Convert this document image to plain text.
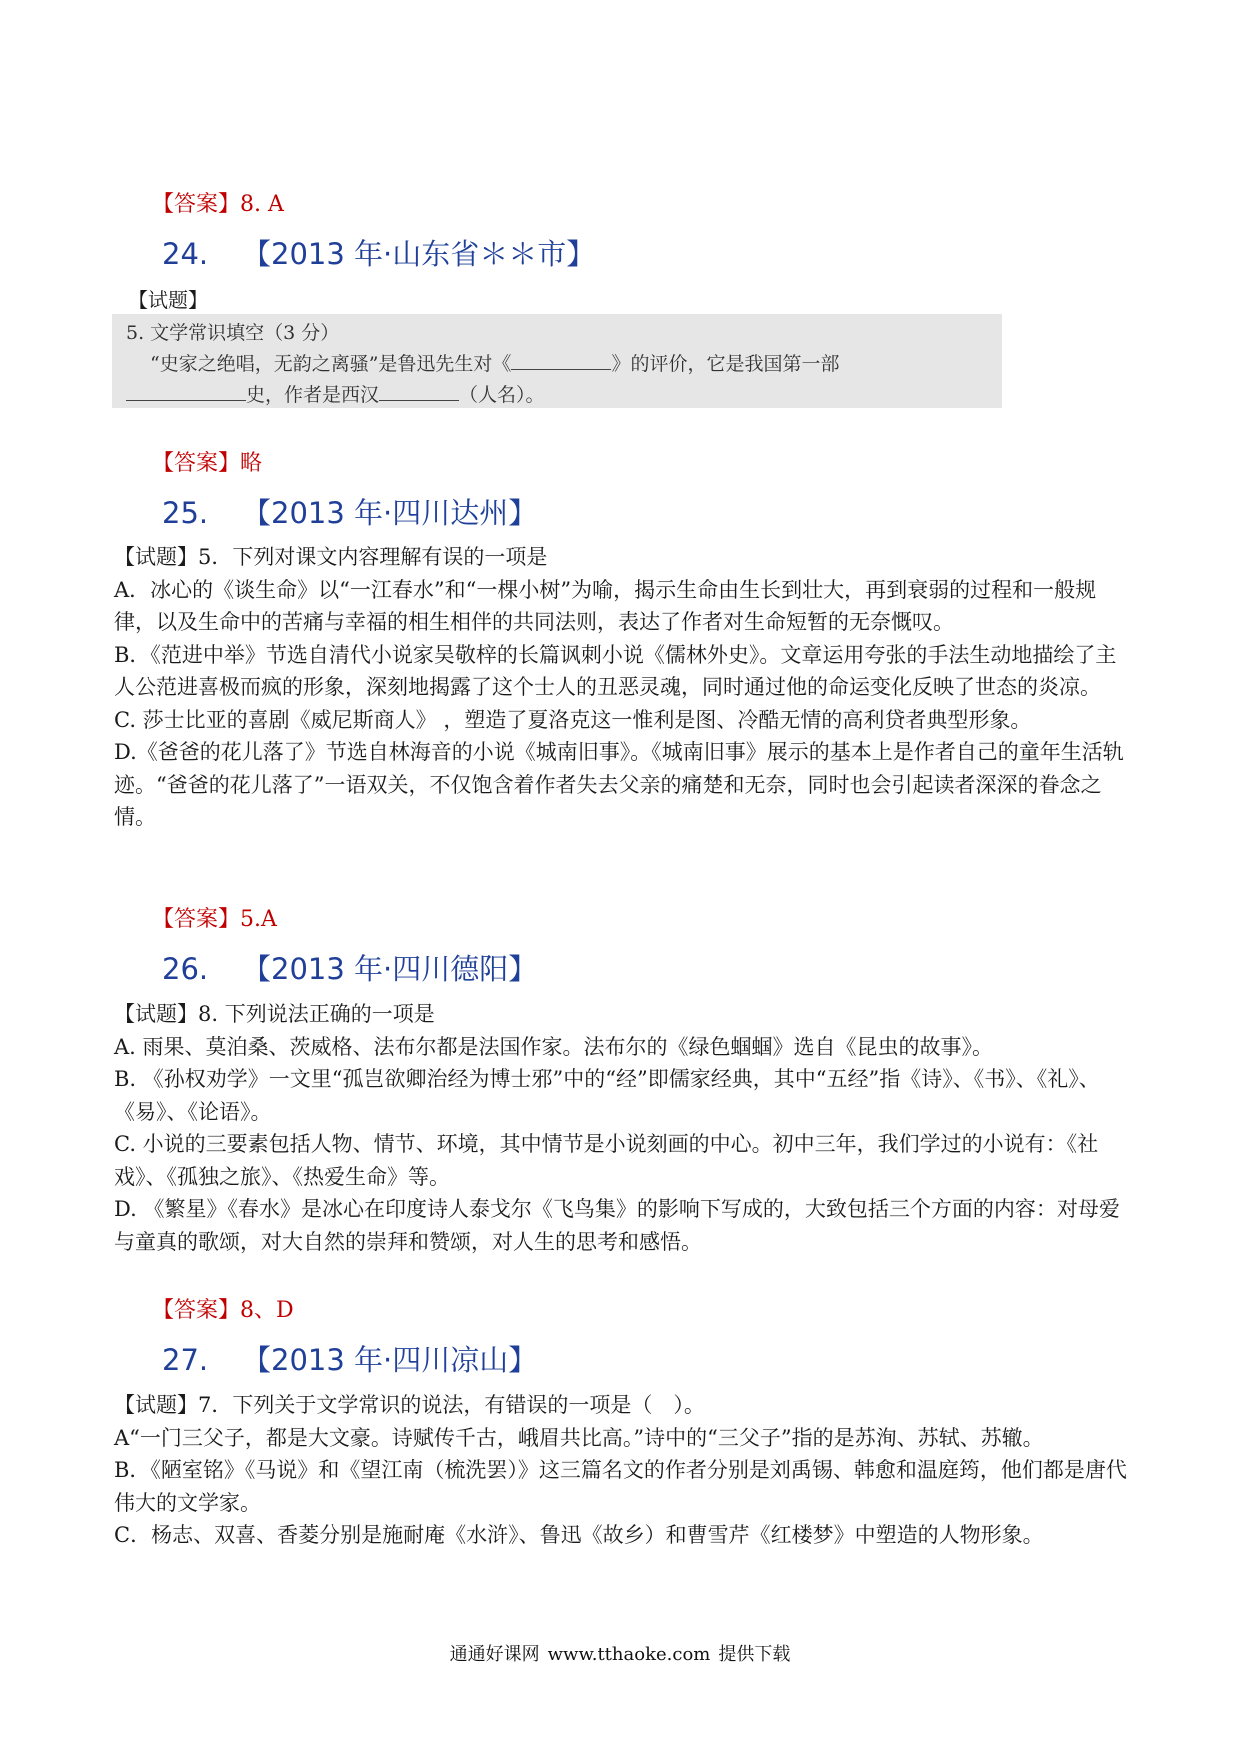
【答案】8. A
24. 【2013 年·山东省＊＊市】
【试题】
5. 文学常识填空（3 分）
“史家之绝唱，无韵之离骚”是鲁迅先生对《	》的评价，它是我国第一部
史，作者是西汉	（人名）。
【答案】略
25. 【2013 年·四川达州】

【试题】5．下列对课文内容理解有误的一项是

A．冰心的《谈生命》以“一江春水”和“一棵小树”为喻，揭示生命由生长到壮大，再到衰弱的过程和一般规律，以及生命中的苦痛与幸福的相生相伴的共同法则，表达了作者对生命短暂的无奈慨叹。

B．《范进中举》节选自清代小说家吴敬梓的长篇讽刺小说《儒林外史》。文章运用夸张的手法生动地描绘了主人公范进喜极而疯的形象，深刻地揭露了这个士人的丑恶灵魂，同时通过他的命运变化反映了世态的炎凉。

C. 莎士比亚的喜剧《威尼斯商人》 ，塑造了夏洛克这一惟利是图、冷酷无情的高利贷者典型形象。

D.《爸爸的花儿落了》节选自林海音的小说《城南旧事》。《城南旧事》展示的基本上是作者自己的童年生活轨迹。“爸爸的花儿落了”一语双关，不仅饱含着作者失去父亲的痛楚和无奈，同时也会引起读者深深的眷念之情。

【答案】5.A
26. 【2013 年·四川德阳】

【试题】8. 下列说法正确的一项是

A. 雨果、莫泊桑、茨威格、法布尔都是法国作家。法布尔的《绿色蝈蝈》选自《昆虫的故事》。

B. 《孙权劝学》一文里“孤岂欲卿治经为博士邪”中的“经”即儒家经典，其中“五经”指《诗》、《书》、《礼》、《易》、《论语》。

C. 小说的三要素包括人物、情节、环境，其中情节是小说刻画的中心。初中三年，我们学过的小说有：《社戏》、《孤独之旅》、《热爱生命》等。

D. 《繁星》《春水》是冰心在印度诗人泰戈尔《飞鸟集》的影响下写成的，大致包括三个方面的内容：对母爱与童真的歌颂，对大自然的崇拜和赞颂，对人生的思考和感悟。

【答案】8、D
27. 【2013 年·四川凉山】

【试题】7．下列关于文学常识的说法，有错误的一项是（　）。

A“一门三父子，都是大文豪。诗赋传千古，峨眉共比高。”诗中的“三父子”指的是苏洵、苏轼、苏辙。

B．《陋室铭》《马说》和《望江南（梳洗罢）》这三篇名文的作者分别是刘禹锡、韩愈和温庭筠，他们都是唐代伟大的文学家。

C．杨志、双喜、香菱分别是施耐庵《水浒》、鲁迅《故乡）和曹雪芹《红楼梦》中塑造的人物形象。

通通好课网 www.tthaoke.com 提供下载
